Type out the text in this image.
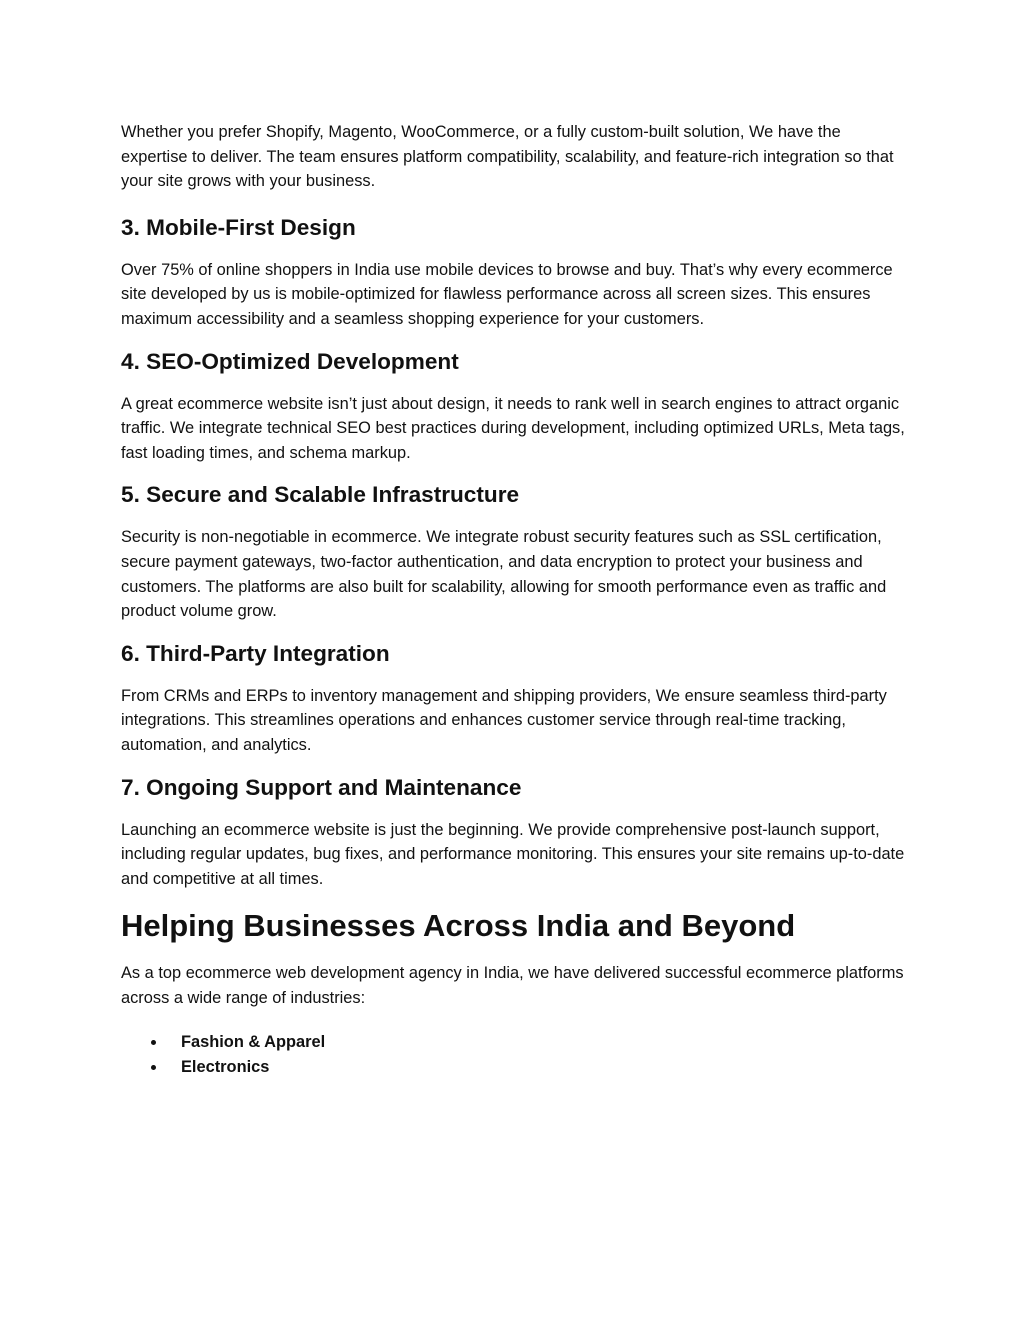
Whether you prefer Shopify, Magento, WooCommerce, or a fully custom-built solution, We have the expertise to deliver. The team ensures platform compatibility, scalability, and feature-rich integration so that your site grows with your business.

3. Mobile-First Design

Over 75% of online shoppers in India use mobile devices to browse and buy. That’s why every ecommerce site developed by us is mobile-optimized for flawless performance across all screen sizes. This ensures maximum accessibility and a seamless shopping experience for your customers.

4. SEO-Optimized Development

A great ecommerce website isn’t just about design, it needs to rank well in search engines to attract organic traffic. We integrate technical SEO best practices during development, including optimized URLs, Meta tags, fast loading times, and schema markup.

5. Secure and Scalable Infrastructure

Security is non-negotiable in ecommerce. We integrate robust security features such as SSL certification, secure payment gateways, two-factor authentication, and data encryption to protect your business and customers. The platforms are also built for scalability, allowing for smooth performance even as traffic and product volume grow.

6. Third-Party Integration

From CRMs and ERPs to inventory management and shipping providers, We ensure seamless third-party integrations. This streamlines operations and enhances customer service through real-time tracking, automation, and analytics.

7. Ongoing Support and Maintenance

Launching an ecommerce website is just the beginning. We provide comprehensive post-launch support, including regular updates, bug fixes, and performance monitoring. This ensures your site remains up-to-date and competitive at all times.

Helping Businesses Across India and Beyond

As a top ecommerce web development agency in India, we have delivered successful ecommerce platforms across a wide range of industries:

Fashion & Apparel
Electronics
